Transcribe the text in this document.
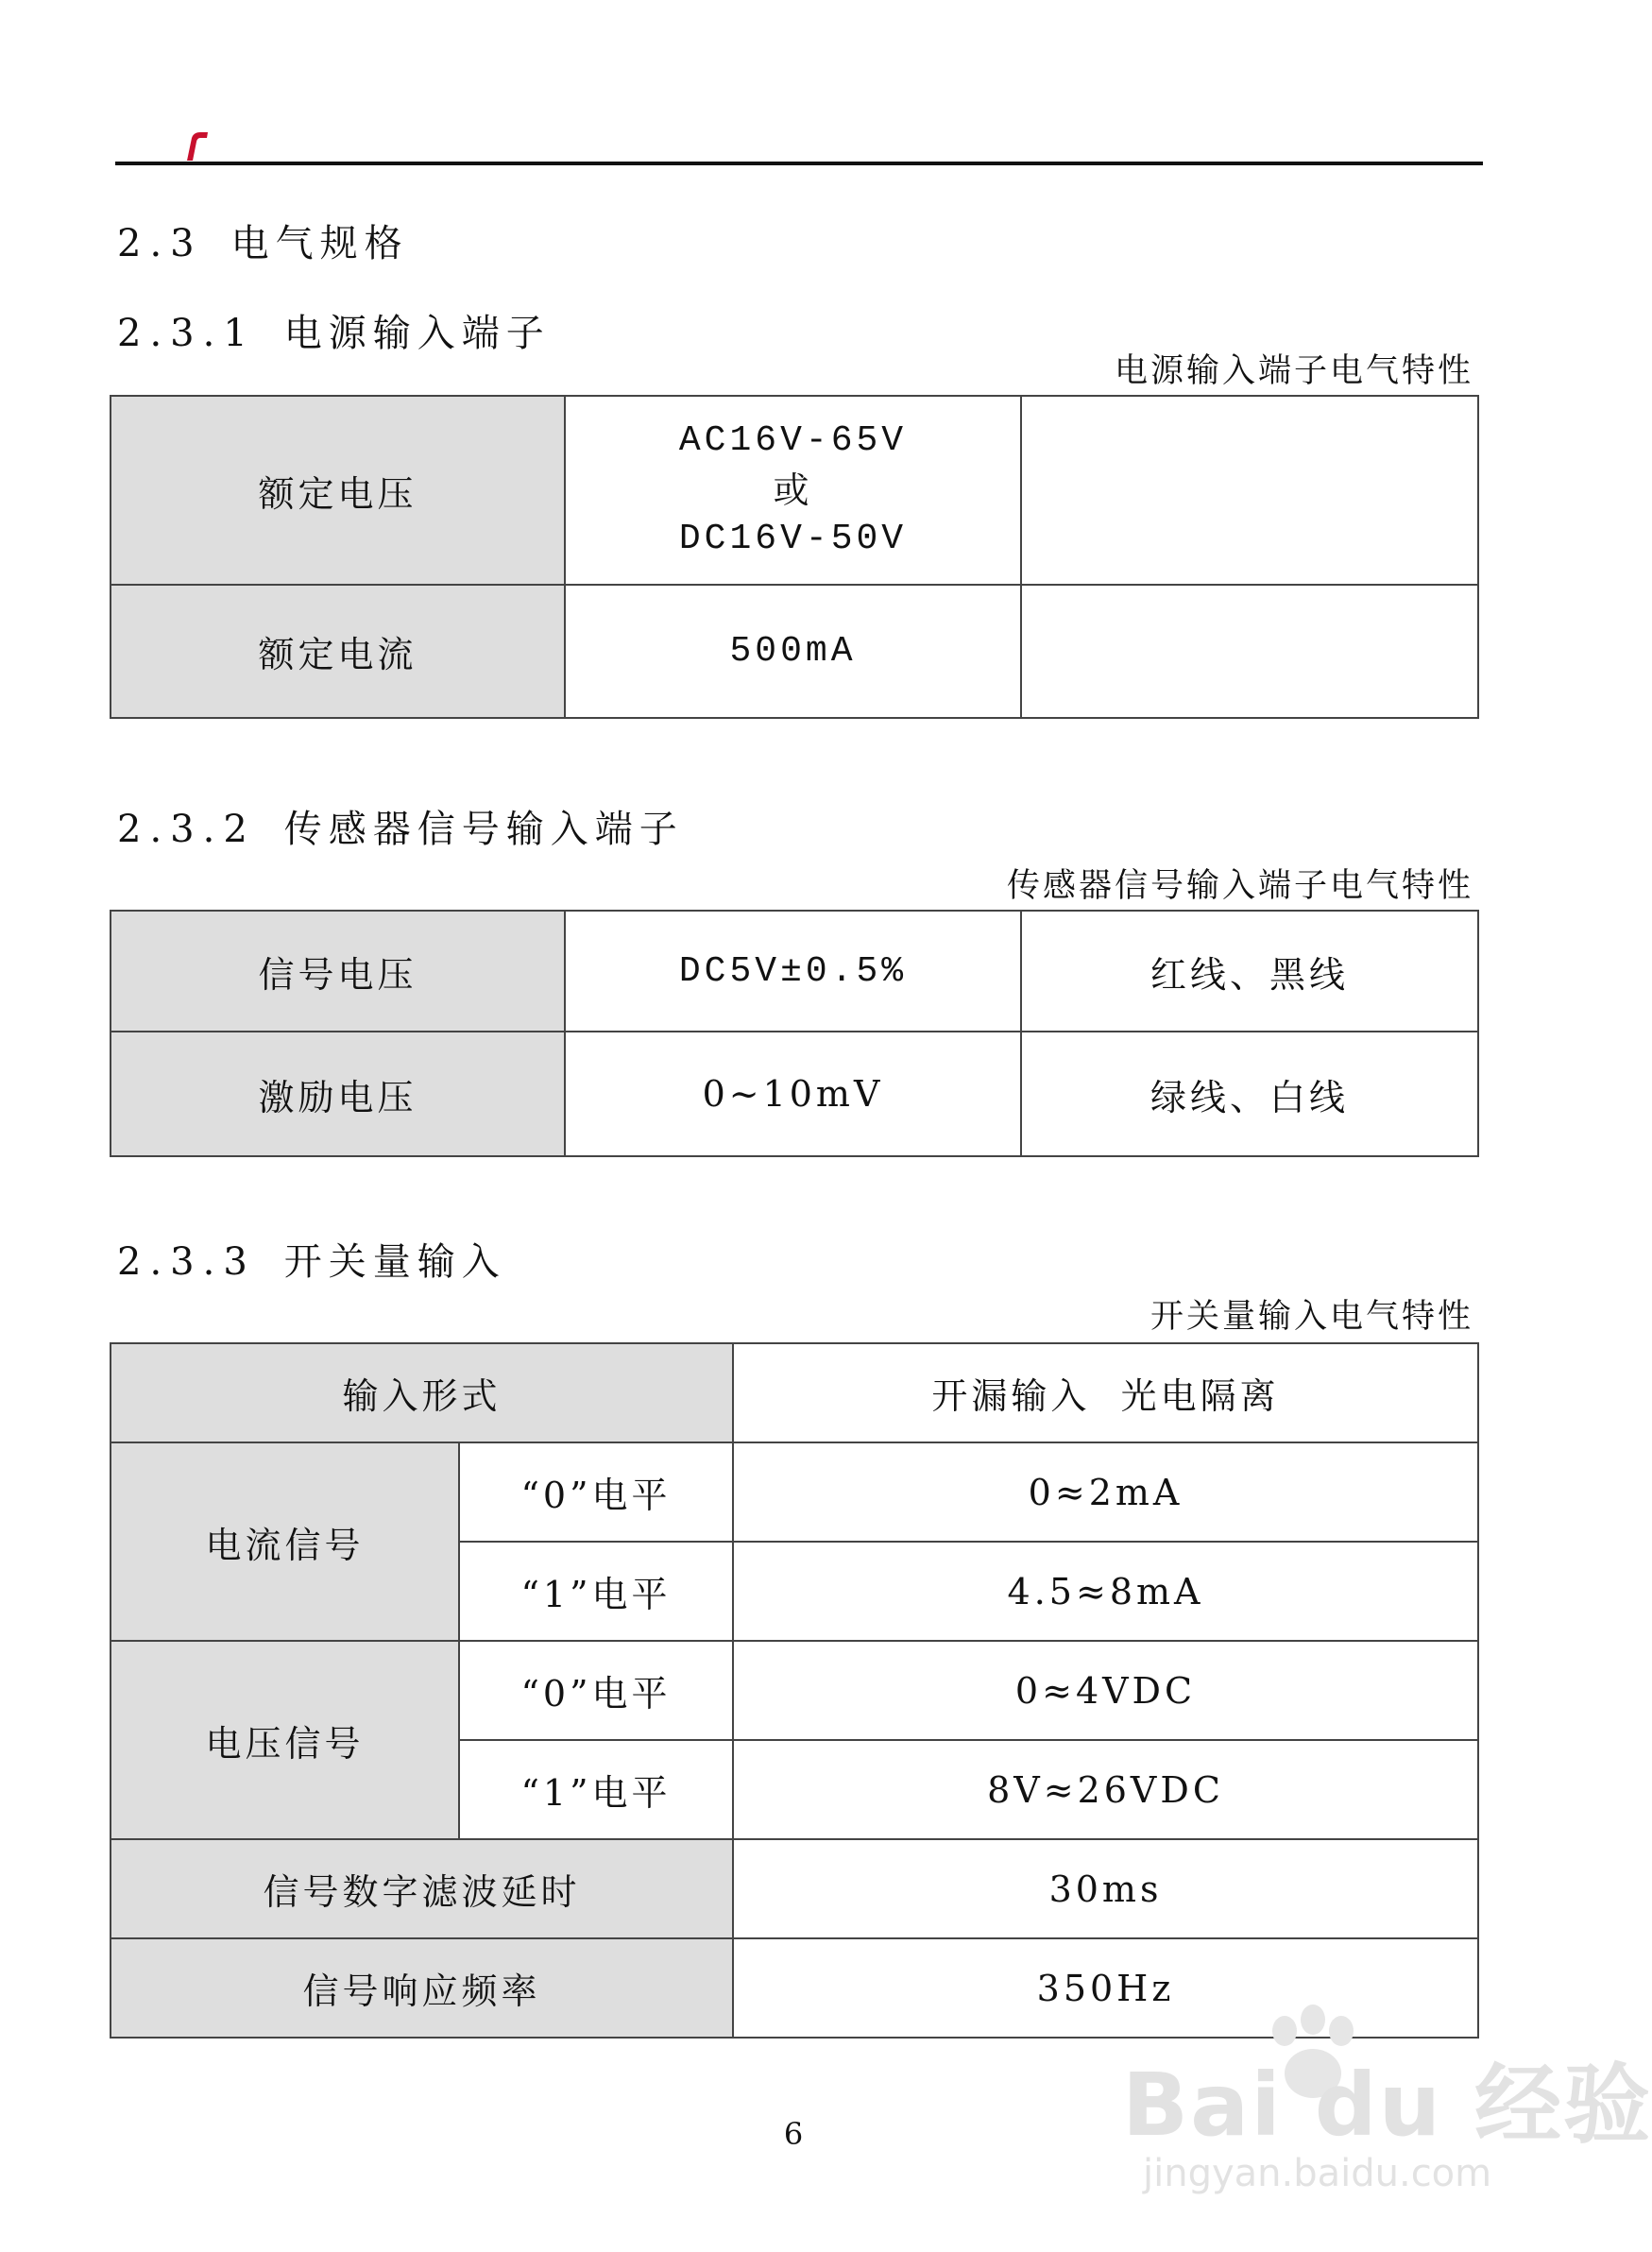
2.3 电气规格
2.3.1 电源输入端子
电源输入端子电气特性
额定电压	AC16V-65V
或
DC16V-50V	

额定电流	500mA	
2.3.2 传感器信号输入端子
传感器信号输入端子电气特性
信号电压	DC5V±0.5%	红线、黑线
激励电压	0~10mV	绿线、白线
2.3.3 开关量输入
开关量输入电气特性
输入形式		开漏输入  光电隔离
电流信号	“0”电平	0≈2mA
	“1”电平	4.5≈8mA
电压信号	“0”电平	0≈4VDC
	“1”电平	8V≈26VDC
信号数字滤波延时		30ms
信号响应频率		350Hz
Bai du 经验
jingyan.baidu.com
6
